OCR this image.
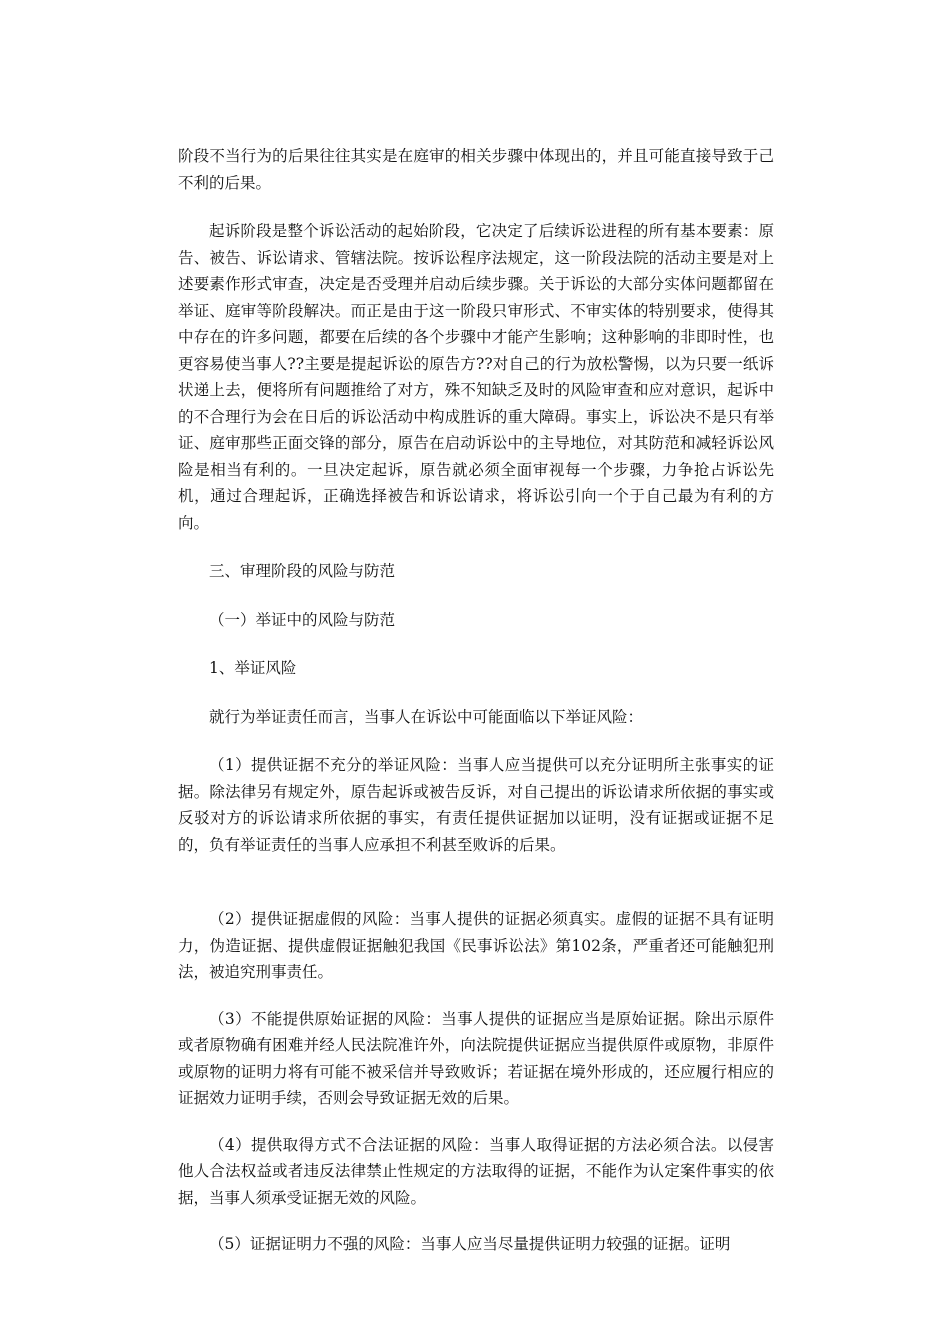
阶段不当行为的后果往往其实是在庭审的相关步骤中体现出的，并且可能直接导致于己不利的后果。

起诉阶段是整个诉讼活动的起始阶段，它决定了后续诉讼进程的所有基本要素：原告、被告、诉讼请求、管辖法院。按诉讼程序法规定，这一阶段法院的活动主要是对上述要素作形式审查，决定是否受理并启动后续步骤。关于诉讼的大部分实体问题都留在举证、庭审等阶段解决。而正是由于这一阶段只审形式、不审实体的特别要求，使得其中存在的许多问题，都要在后续的各个步骤中才能产生影响；这种影响的非即时性，也更容易使当事人??主要是提起诉讼的原告方??对自己的行为放松警惕，以为只要一纸诉状递上去，便将所有问题推给了对方，殊不知缺乏及时的风险审查和应对意识，起诉中的不合理行为会在日后的诉讼活动中构成胜诉的重大障碍。事实上，诉讼决不是只有举证、庭审那些正面交锋的部分，原告在启动诉讼中的主导地位，对其防范和减轻诉讼风险是相当有利的。一旦决定起诉，原告就必须全面审视每一个步骤，力争抢占诉讼先机，通过合理起诉，正确选择被告和诉讼请求，将诉讼引向一个于自己最为有利的方向。

三、审理阶段的风险与防范

（一）举证中的风险与防范

1、举证风险

就行为举证责任而言，当事人在诉讼中可能面临以下举证风险：

（1）提供证据不充分的举证风险：当事人应当提供可以充分证明所主张事实的证据。除法律另有规定外，原告起诉或被告反诉，对自己提出的诉讼请求所依据的事实或反驳对方的诉讼请求所依据的事实，有责任提供证据加以证明，没有证据或证据不足的，负有举证责任的当事人应承担不利甚至败诉的后果。

（2）提供证据虚假的风险：当事人提供的证据必须真实。虚假的证据不具有证明力，伪造证据、提供虚假证据触犯我国《民事诉讼法》第102条，严重者还可能触犯刑法，被追究刑事责任。

（3）不能提供原始证据的风险：当事人提供的证据应当是原始证据。除出示原件或者原物确有困难并经人民法院准许外，向法院提供证据应当提供原件或原物，非原件或原物的证明力将有可能不被采信并导致败诉；若证据在境外形成的，还应履行相应的证据效力证明手续，否则会导致证据无效的后果。

（4）提供取得方式不合法证据的风险：当事人取得证据的方法必须合法。以侵害他人合法权益或者违反法律禁止性规定的方法取得的证据，不能作为认定案件事实的依据，当事人须承受证据无效的风险。

（5）证据证明力不强的风险：当事人应当尽量提供证明力较强的证据。证明
